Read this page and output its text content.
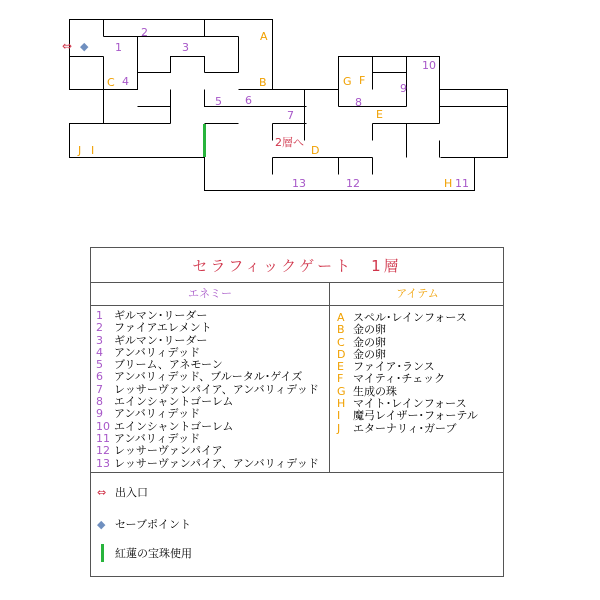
⇔ ◆
2
1	3
4
5 6
7
8
9
10
11
12
13
A
B
C
D
E
G F
H
J I
2層へ
セラフィックゲート　1層
エネミー	アイテム
1	ギルマン･リーダー
2	ファイアエレメント
3	ギルマン･リーダー
4	アンバリィデッド
5	ブリーム、アネモーン
6	アンバリィデッド、ブルータル･ゲイズ
7	レッサーヴァンパイア、アンバリィデッド
8	エインシャントゴーレム
9	アンバリィデッド
10 エインシャントゴーレム
11 アンバリィデッド
12 レッサーヴァンパイア
13 レッサーヴァンパイア、アンバリィデッド
A スペル･レインフォース
B 金の卵
C 金の卵
D 金の卵
E ファイア･ランス
F マイティ･チェック
G 生成の珠
H マイト･レインフォース
I	魔弓レイザー･フォーテル
J	エターナリィ･ガーブ
⇔ 出入口
◆ セーブポイント
紅蓮の宝珠使用
